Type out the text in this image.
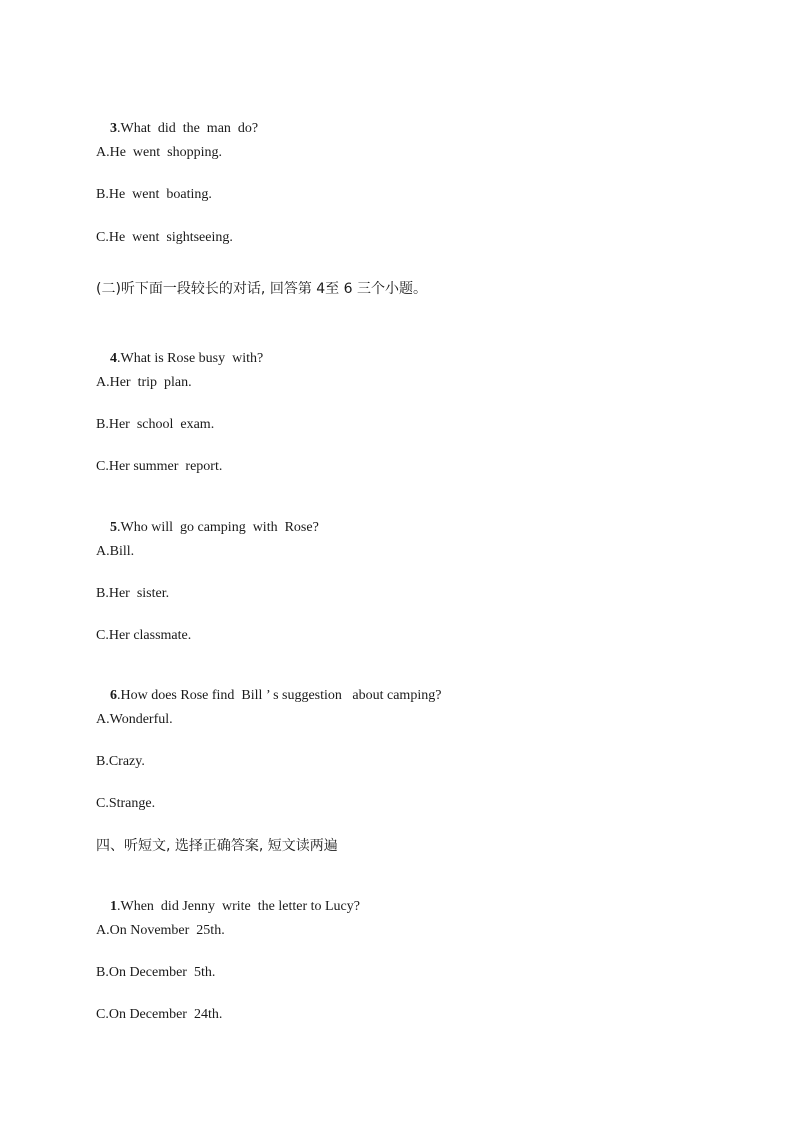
3.What  did  the  man  do?

A.He  went  shopping.
B.He  went  boating.
C.He  went  sightseeing.
(二)听下面一段较长的对话, 回答第 4至 6 三个小题。

4.What is Rose busy  with?

A.Her  trip  plan.
B.Her  school  exam.
C.Her summer  report.

5.Who will  go camping  with  Rose?

A.Bill.
B.Her  sister.
C.Her classmate.

6.How does Rose find  Bill ’ s suggestion   about camping?

A.Wonderful.
B.Crazy.
C.Strange.
四、听短文, 选择正确答案, 短文读两遍

1.When  did Jenny  write  the letter to Lucy?

A.On November  25th.
B.On December  5th.
C.On December  24th.
